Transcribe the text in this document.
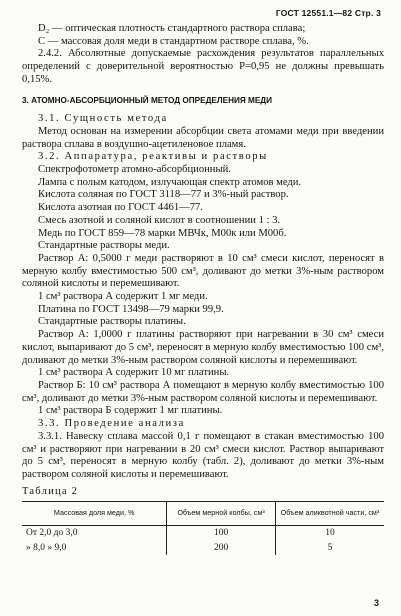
ГОСТ 12551.1—82 Стр. 3

D₂ — оптическая плотность стандартного раствора сплава;

C — массовая доля меди в стандартном растворе сплава, %.

2.4.2. Абсолютные допускаемые расхождения результатов параллельных определений с доверительной вероятностью P=0,95 не должны превышать 0,15%.

3. АТОМНО-АБСОРБЦИОННЫЙ МЕТОД ОПРЕДЕЛЕНИЯ МЕДИ

3.1. Сущность метода

Метод основан на измерении абсорбции света атомами меди при введении раствора сплава в воздушно-ацетиленовое пламя.

3.2. Аппаратура, реактивы и растворы

Спектрофотометр атомно-абсорбционный.

Лампа с полым катодом, излучающая спектр атомов меди.

Кислота соляная по ГОСТ 3118—77 и 3%-ный раствор.

Кислота азотная по ГОСТ 4461—77.

Смесь азотной и соляной кислот в соотношении 1 : 3.

Медь по ГОСТ 859—78 марки МВЧк, М00к или М00б.

Стандартные растворы меди.

Раствор А: 0,5000 г меди растворяют в 10 см³ смеси кислот, переносят в мерную колбу вместимостью 500 см³, доливают до метки 3%-ным раствором соляной кислоты и перемешивают.

1 см³ раствора А содержит 1 мг меди.

Платина по ГОСТ 13498—79 марки 99,9.

Стандартные растворы платины.

Раствор А: 1,0000 г платины растворяют при нагревании в 30 см³ смеси кислот, выпаривают до 5 см³, переносят в мерную колбу вместимостью 100 см³, доливают до метки 3%-ным раствором соляной кислоты и перемешивают.

1 см³ раствора А содержит 10 мг платины.

Раствор Б: 10 см³ раствора А помещают в мерную колбу вместимостью 100 см³, доливают до метки 3%-ным раствором соляной кислоты и перемешивают.

1 см³ раствора Б содержит 1 мг платины.

3.3. Проведение анализа

3.3.1. Навеску сплава массой 0,1 г помещают в стакан вместимостью 100 см³ и растворяют при нагревании в 20 см³ смеси кислот. Раствор выпаривают до 5 см³, переносят в мерную колбу (табл. 2), доливают до метки 3%-ным раствором соляной кислоты и перемешивают.

Таблица 2

Массовая доля меди, %	Объем мерной колбы, см³	Объем аликвотной части, см³
От 2,0 до 3,0	100	10
» 8,0 » 9,0	200	5
3
